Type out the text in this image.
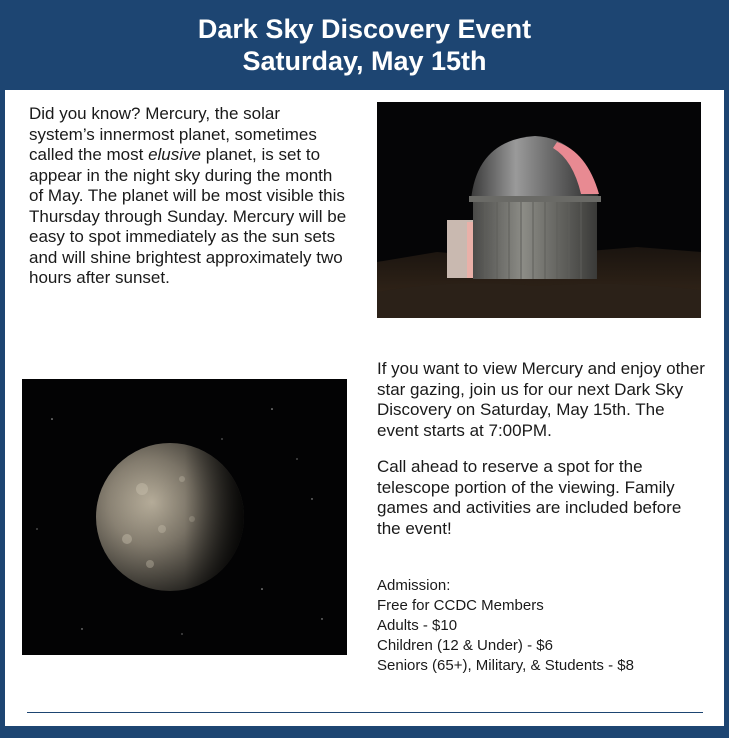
Dark Sky Discovery Event
Saturday, May 15th
Did you know? Mercury, the solar system’s innermost planet, sometimes called the most elusive planet, is set to appear in the night sky during the month of May. The planet will be most visible this Thursday through Sunday. Mercury will be easy to spot immediately as the sun sets and will shine brightest approximately two hours after sunset.

If you want to view Mercury and enjoy other star gazing, join us for our next Dark Sky Discovery on Saturday, May 15th. The event starts at 7:00PM.

Call ahead to reserve a spot for the telescope portion of the viewing. Family games and activities are included before the event!

Admission:
Free for CCDC Members
Adults - $10
Children (12 & Under) - $6
Seniors (65+), Military, & Students - $8
